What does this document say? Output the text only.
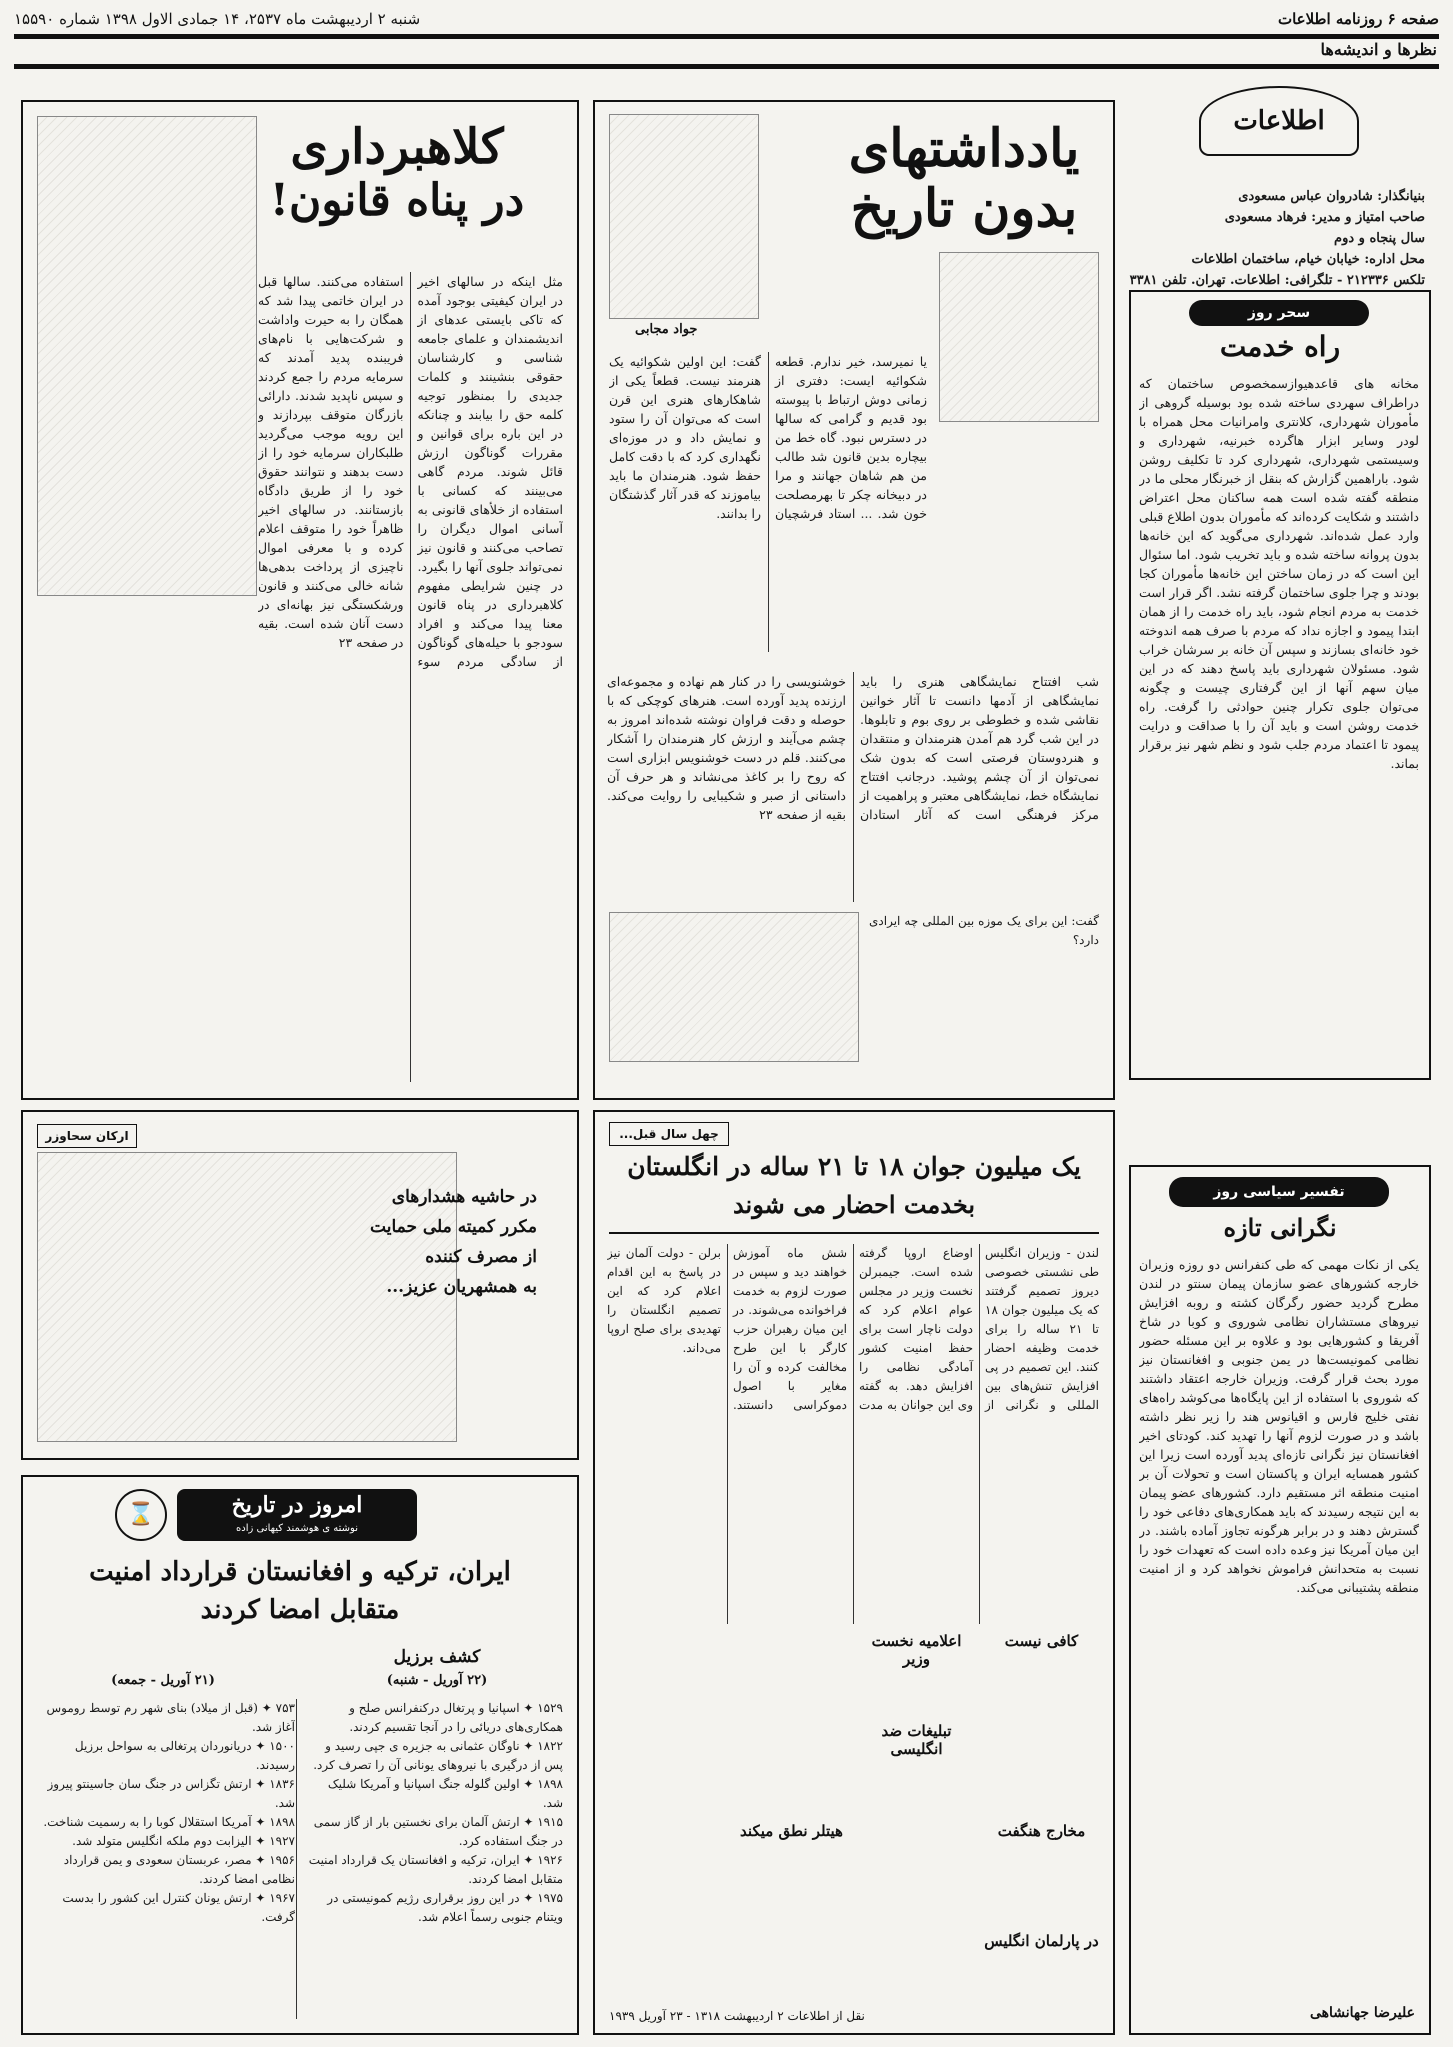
صفحه ۶ روزنامه اطلاعات
شنبه ۲ اردیبهشت ماه ۲۵۳۷، ۱۴ جمادی الاول ۱۳۹۸ شماره ۱۵۵۹۰
نظرها و اندیشه‌ها
اطلاعات
بنیانگذار: شادروان عباس مسعودی
صاحب امتیاز و مدیر: فرهاد مسعودی
سال پنجاه و دوم
محل اداره: خیابان خیام، ساختمان اطلاعات
تلکس ۲۱۲۳۳۶ - تلگرافی: اطلاعات. تهران. تلفن ۳۳۸۱
سحر روز
راه خدمت
مخانه های قاعدهیوازسمخصوص ساختمان که دراطراف سهردی ساخته شده بود بوسیله گروهی از مأموران شهرداری، کلانتری وامرانیات محل همراه با لودر وسایر ابزار هاگرده خبرنیه، شهرداری و وسیستمی شهرداری، شهرداری کرد تا تکلیف روشن شود. باراهمین گزارش که بنقل از خبرنگار محلی ما در منطقه گفته شده است همه ساکنان محل اعتراض داشتند و شکایت کرده‌اند که مأموران بدون اطلاع قبلی وارد عمل شده‌اند. شهرداری می‌گوید که این خانه‌ها بدون پروانه ساخته شده و باید تخریب شود. اما سئوال این است که در زمان ساختن این خانه‌ها مأموران کجا بودند و چرا جلوی ساختمان گرفته نشد. اگر قرار است خدمت به مردم انجام شود، باید راه خدمت را از همان ابتدا پیمود و اجازه نداد که مردم با صرف همه اندوخته خود خانه‌ای بسازند و سپس آن خانه بر سرشان خراب شود. مسئولان شهرداری باید پاسخ دهند که در این میان سهم آنها از این گرفتاری چیست و چگونه می‌توان جلوی تکرار چنین حوادثی را گرفت. راه خدمت روشن است و باید آن را با صداقت و درایت پیمود تا اعتماد مردم جلب شود و نظم شهر نیز برقرار بماند.
تفسیر سیاسی روز
نگرانی تازه
یکی از نکات مهمی که طی کنفرانس دو روزه وزیران خارجه کشورهای عضو سازمان پیمان سنتو در لندن مطرح گردید حضور رگرگان کشته و روبه افزایش نیروهای مستشاران نظامی شوروی و کوبا در شاخ آفریقا و کشورهایی بود و علاوه بر این مسئله حضور نظامی کمونیست‌ها در یمن جنوبی و افغانستان نیز مورد بحث قرار گرفت. وزیران خارجه اعتقاد داشتند که شوروی با استفاده از این پایگاه‌ها می‌کوشد راه‌های نفتی خلیج فارس و اقیانوس هند را زیر نظر داشته باشد و در صورت لزوم آنها را تهدید کند. کودتای اخیر افغانستان نیز نگرانی تازه‌ای پدید آورده است زیرا این کشور همسایه ایران و پاکستان است و تحولات آن بر امنیت منطقه اثر مستقیم دارد. کشورهای عضو پیمان به این نتیجه رسیدند که باید همکاری‌های دفاعی خود را گسترش دهند و در برابر هرگونه تجاوز آماده باشند. در این میان آمریکا نیز وعده داده است که تعهدات خود را نسبت به متحدانش فراموش نخواهد کرد و از امنیت منطقه پشتیبانی می‌کند.
علیرضا جهانشاهی
یادداشتهای
بدون تاریخ
جواد مجابی
یا نمیرسد، خیر ندارم. قطعه شکوائیه ایست: دفتری از زمانی دوش ارتباط با پیوسته بود قدیم و گرامی که سالها در دسترس نبود. گاه خط من بیچاره بدین قانون شد طالب من هم شاهان جهانند و مرا در دبیخانه چکر تا بهرمصلحت خون شد. ... استاد فرشچیان گفت: این اولین شکوائیه یک هنرمند نیست. قطعاً یکی از شاهکارهای هنری این قرن است که می‌توان آن را ستود و نمایش داد و در موزه‌ای نگهداری کرد که با دقت کامل حفظ شود. هنرمندان ما باید بیاموزند که قدر آثار گذشتگان را بدانند.
شب افتتاح نمایشگاهی هنری را باید نمایشگاهی از آدمها دانست تا آثار خوانین نقاشی شده و خطوطی بر روی بوم و تابلوها. در این شب گرد هم آمدن هنرمندان و منتقدان و هنردوستان فرصتی است که بدون شک نمی‌توان از آن چشم پوشید. درجانب افتتاح نمایشگاه خط، نمایشگاهی معتبر و پراهمیت از مرکز فرهنگی است که آثار استادان خوشنویسی را در کنار هم نهاده و مجموعه‌ای ارزنده پدید آورده است. هنرهای کوچکی که با حوصله و دقت فراوان نوشته شده‌اند امروز به چشم می‌آیند و ارزش کار هنرمندان را آشکار می‌کنند. قلم در دست خوشنویس ابزاری است که روح را بر کاغذ می‌نشاند و هر حرف آن داستانی از صبر و شکیبایی را روایت می‌کند. بقیه از صفحه ۲۳
گفت: این برای یک موزه بین المللی چه ایرادی دارد؟
کلاهبرداری
در پناه قانون!
مثل اینکه در سالهای اخیر در ایران کیفیتی بوجود آمده که تاکی بایستی عدهای از اندیشمندان و علمای جامعه شناسی و کارشناسان حقوقی بنشینند و کلمات جدیدی را بمنظور توجیه کلمه حق را بیابند و چنانکه در این باره برای قوانین و مقررات گوناگون ارزش قائل شوند. مردم گاهی می‌بینند که کسانی با استفاده از خلأهای قانونی به آسانی اموال دیگران را تصاحب می‌کنند و قانون نیز نمی‌تواند جلوی آنها را بگیرد. در چنین شرایطی مفهوم کلاهبرداری در پناه قانون معنا پیدا می‌کند و افراد سودجو با حیله‌های گوناگون از سادگی مردم سوء استفاده می‌کنند. سالها قبل در ایران خاتمی پیدا شد که همگان را به حیرت واداشت و شرکت‌هایی با نام‌های فریبنده پدید آمدند که سرمایه مردم را جمع کردند و سپس ناپدید شدند. دارائی بازرگان متوقف بپردازند و این رویه موجب می‌گردید طلبکاران سرمایه خود را از دست بدهند و نتوانند حقوق خود را از طریق دادگاه بازستانند. در سالهای اخیر ظاهراً خود را متوقف اعلام کرده و با معرفی اموال ناچیزی از پرداخت بدهی‌ها شانه خالی می‌کنند و قانون ورشکستگی نیز بهانه‌ای در دست آنان شده است. بقیه در صفحه ۲۳
ارکان سحاوزر
در حاشیه هشدارهای
مکرر کمیته ملی حمایت
از مصرف کننده
به همشهریان عزیز...
امروز در تاریخ
نوشته ی هوشمند کیهانی زاده
⌛
ایران، ترکیه و افغانستان قرارداد امنیت
متقابل امضا کردند
کشف برزیل
(۲۲ آوریل - شنبه)
(۲۱ آوریل - جمعه)

۱۵۲۹ ✦ اسپانیا و پرتغال درکنفرانس صلح و همکاری‌های دریائی را در آنجا تقسیم کردند.

۱۸۲۲ ✦ ناوگان عثمانی به جزیره ی جپی رسید و پس از درگیری با نیروهای یونانی آن را تصرف کرد.

۱۸۹۸ ✦ اولین گلوله جنگ اسپانیا و آمریکا شلیک شد.

۱۹۱۵ ✦ ارتش آلمان برای نخستین بار از گاز سمی در جنگ استفاده کرد.

۱۹۲۶ ✦ ایران، ترکیه و افغانستان یک قرارداد امنیت متقابل امضا کردند.

۱۹۷۵ ✦ در این روز برقراری رژیم کمونیستی در ویتنام جنوبی رسماً اعلام شد.

۷۵۳ ✦ (قبل از میلاد) بنای شهر رم توسط روموس آغاز شد.

۱۵۰۰ ✦ دریانوردان پرتغالی به سواحل برزیل رسیدند.

۱۸۳۶ ✦ ارتش تگزاس در جنگ سان جاسینتو پیروز شد.

۱۸۹۸ ✦ آمریکا استقلال کوبا را به رسمیت شناخت.

۱۹۲۷ ✦ الیزابت دوم ملکه انگلیس متولد شد.

۱۹۵۶ ✦ مصر، عربستان سعودی و یمن قرارداد نظامی امضا کردند.

۱۹۶۷ ✦ ارتش یونان کنترل این کشور را بدست گرفت.

چهل سال قبل...
یک میلیون جوان ۱۸ تا ۲۱ ساله در انگلستان
بخدمت احضار می شوند
لندن - وزیران انگلیس طی نشستی خصوصی دیروز تصمیم گرفتند که یک میلیون جوان ۱۸ تا ۲۱ ساله را برای خدمت وظیفه احضار کنند. این تصمیم در پی افزایش تنش‌های بین المللی و نگرانی از اوضاع اروپا گرفته شده است. جیمبرلن نخست وزیر در مجلس عوام اعلام کرد که دولت ناچار است برای حفظ امنیت کشور آمادگی نظامی را افزایش دهد. به گفته وی این جوانان به مدت شش ماه آموزش خواهند دید و سپس در صورت لزوم به خدمت فراخوانده می‌شوند. در این میان رهبران حزب کارگر با این طرح مخالفت کرده و آن را مغایر با اصول دموکراسی دانستند. برلن - دولت آلمان نیز در پاسخ به این اقدام اعلام کرد که این تصمیم انگلستان را تهدیدی برای صلح اروپا می‌داند.
کافی نیست
اعلامیه نخست وزیر
تبلیغات ضد انگلیسی
مخارج هنگفت
هیتلر نطق میکند
در پارلمان انگلیس
نقل از اطلاعات ۲ اردیبهشت ۱۳۱۸ - ۲۳ آوریل ۱۹۳۹
